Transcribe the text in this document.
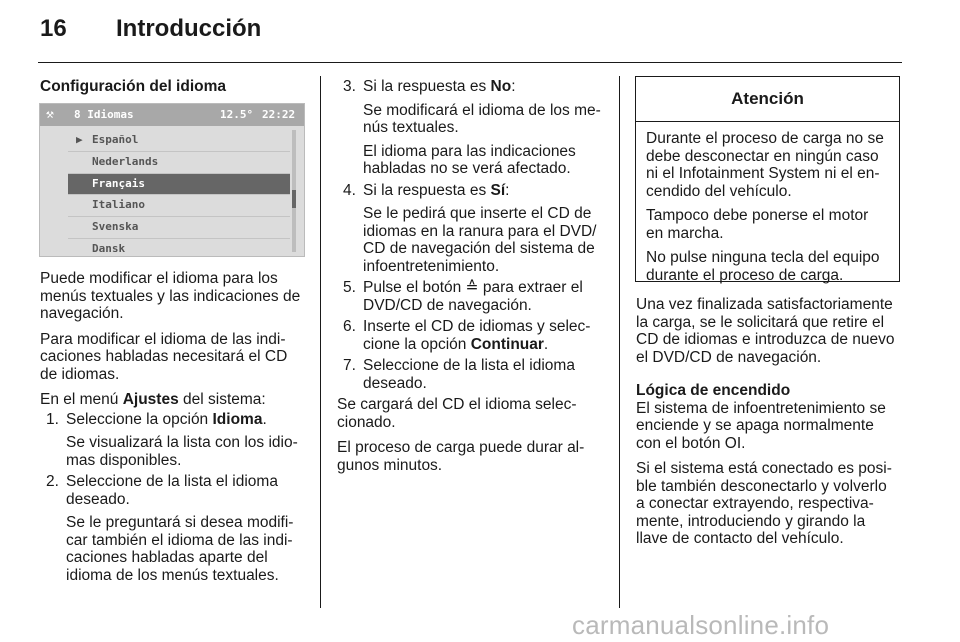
16 Introducción

Configuración del idioma

⚒ 8 Idiomas	12.5° 22:22
▶ Español
Nederlands
Français
Italiano
Svenska
Dansk

Puede modificar el idioma para los
menús textuales y las indicaciones de
navegación.

Para modificar el idioma de las indi-
caciones habladas necesitará el CD
de idiomas.

En el menú Ajustes del sistema:

1. Seleccione la opción Idioma.
Se visualizará la lista con los idio-
mas disponibles.
2. Seleccione de la lista el idioma
deseado.
Se le preguntará si desea modifi-
car también el idioma de las indi-
caciones habladas aparte del
idioma de los menús textuales.
3. Si la respuesta es No:
Se modificará el idioma de los me-
nús textuales.
El idioma para las indicaciones
habladas no se verá afectado.
4. Si la respuesta es Sí:
Se le pedirá que inserte el CD de
idiomas en la ranura para el DVD/
CD de navegación del sistema de
infoentretenimiento.
5. Pulse el botón ≙ para extraer el
DVD/CD de navegación.
6. Inserte el CD de idiomas y selec-
cione la opción Continuar.
7. Seleccione de la lista el idioma
deseado.

Se cargará del CD el idioma selec-
cionado.

El proceso de carga puede durar al-
gunos minutos.

Atención

Durante el proceso de carga no se
debe desconectar en ningún caso
ni el Infotainment System ni el en-
cendido del vehículo.

Tampoco debe ponerse el motor
en marcha.

No pulse ninguna tecla del equipo
durante el proceso de carga.

Una vez finalizada satisfactoriamente
la carga, se le solicitará que retire el
CD de idiomas e introduzca de nuevo
el DVD/CD de navegación.

Lógica de encendido

El sistema de infoentretenimiento se
enciende y se apaga normalmente
con el botón OI.

Si el sistema está conectado es posi-
ble también desconectarlo y volverlo
a conectar extrayendo, respectiva-
mente, introduciendo y girando la
llave de contacto del vehículo.

carmanualsonline.info
